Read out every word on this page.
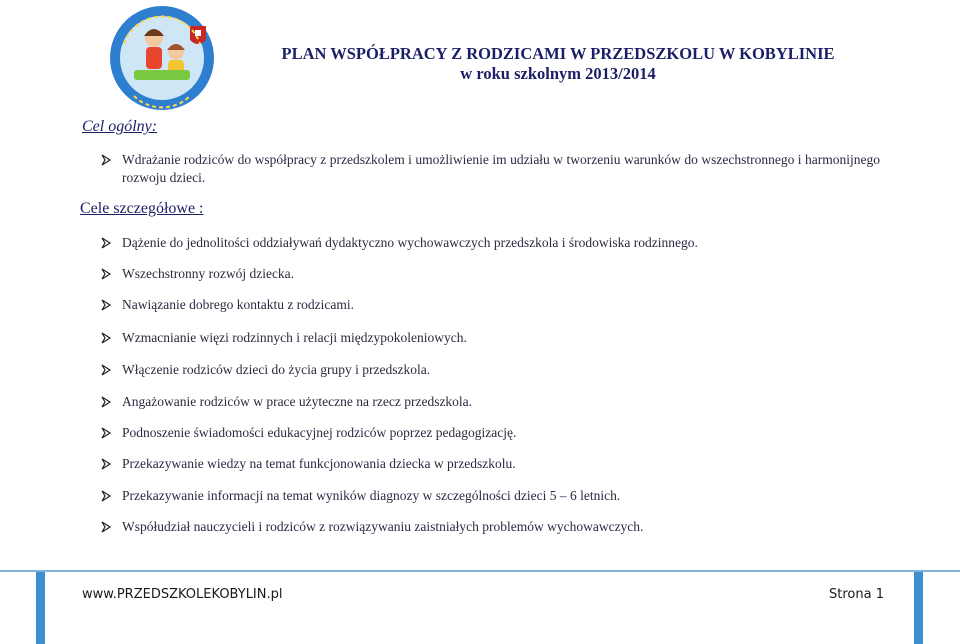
PLAN WSPÓŁPRACY Z RODZICAMI W PRZEDSZKOLU W KOBYLINIE
w roku szkolnym 2013/2014
Cel ogólny:
Wdrażanie rodziców do współpracy z przedszkolem i umożliwienie im udziału w tworzeniu warunków do wszechstronnego i harmonijnego rozwoju dzieci.
Cele szczegółowe :
Dążenie do jednolitości oddziaływań dydaktyczno wychowawczych przedszkola i środowiska rodzinnego.
Wszechstronny rozwój dziecka.
Nawiązanie dobrego kontaktu z rodzicami.
Wzmacnianie więzi rodzinnych i relacji międzypokoleniowych.
Włączenie rodziców dzieci do życia grupy i przedszkola.
Angażowanie rodziców w prace użyteczne na rzecz przedszkola.
Podnoszenie świadomości edukacyjnej rodziców poprzez pedagogizację.
Przekazywanie wiedzy na temat funkcjonowania dziecka w przedszkolu.
Przekazywanie informacji na temat wyników diagnozy w szczególności dzieci 5 – 6 letnich.
Współudział nauczycieli i rodziców z rozwiązywaniu zaistniałych problemów wychowawczych.
www.PRZEDSZKOLEKOBYLIN.pl	Strona 1
